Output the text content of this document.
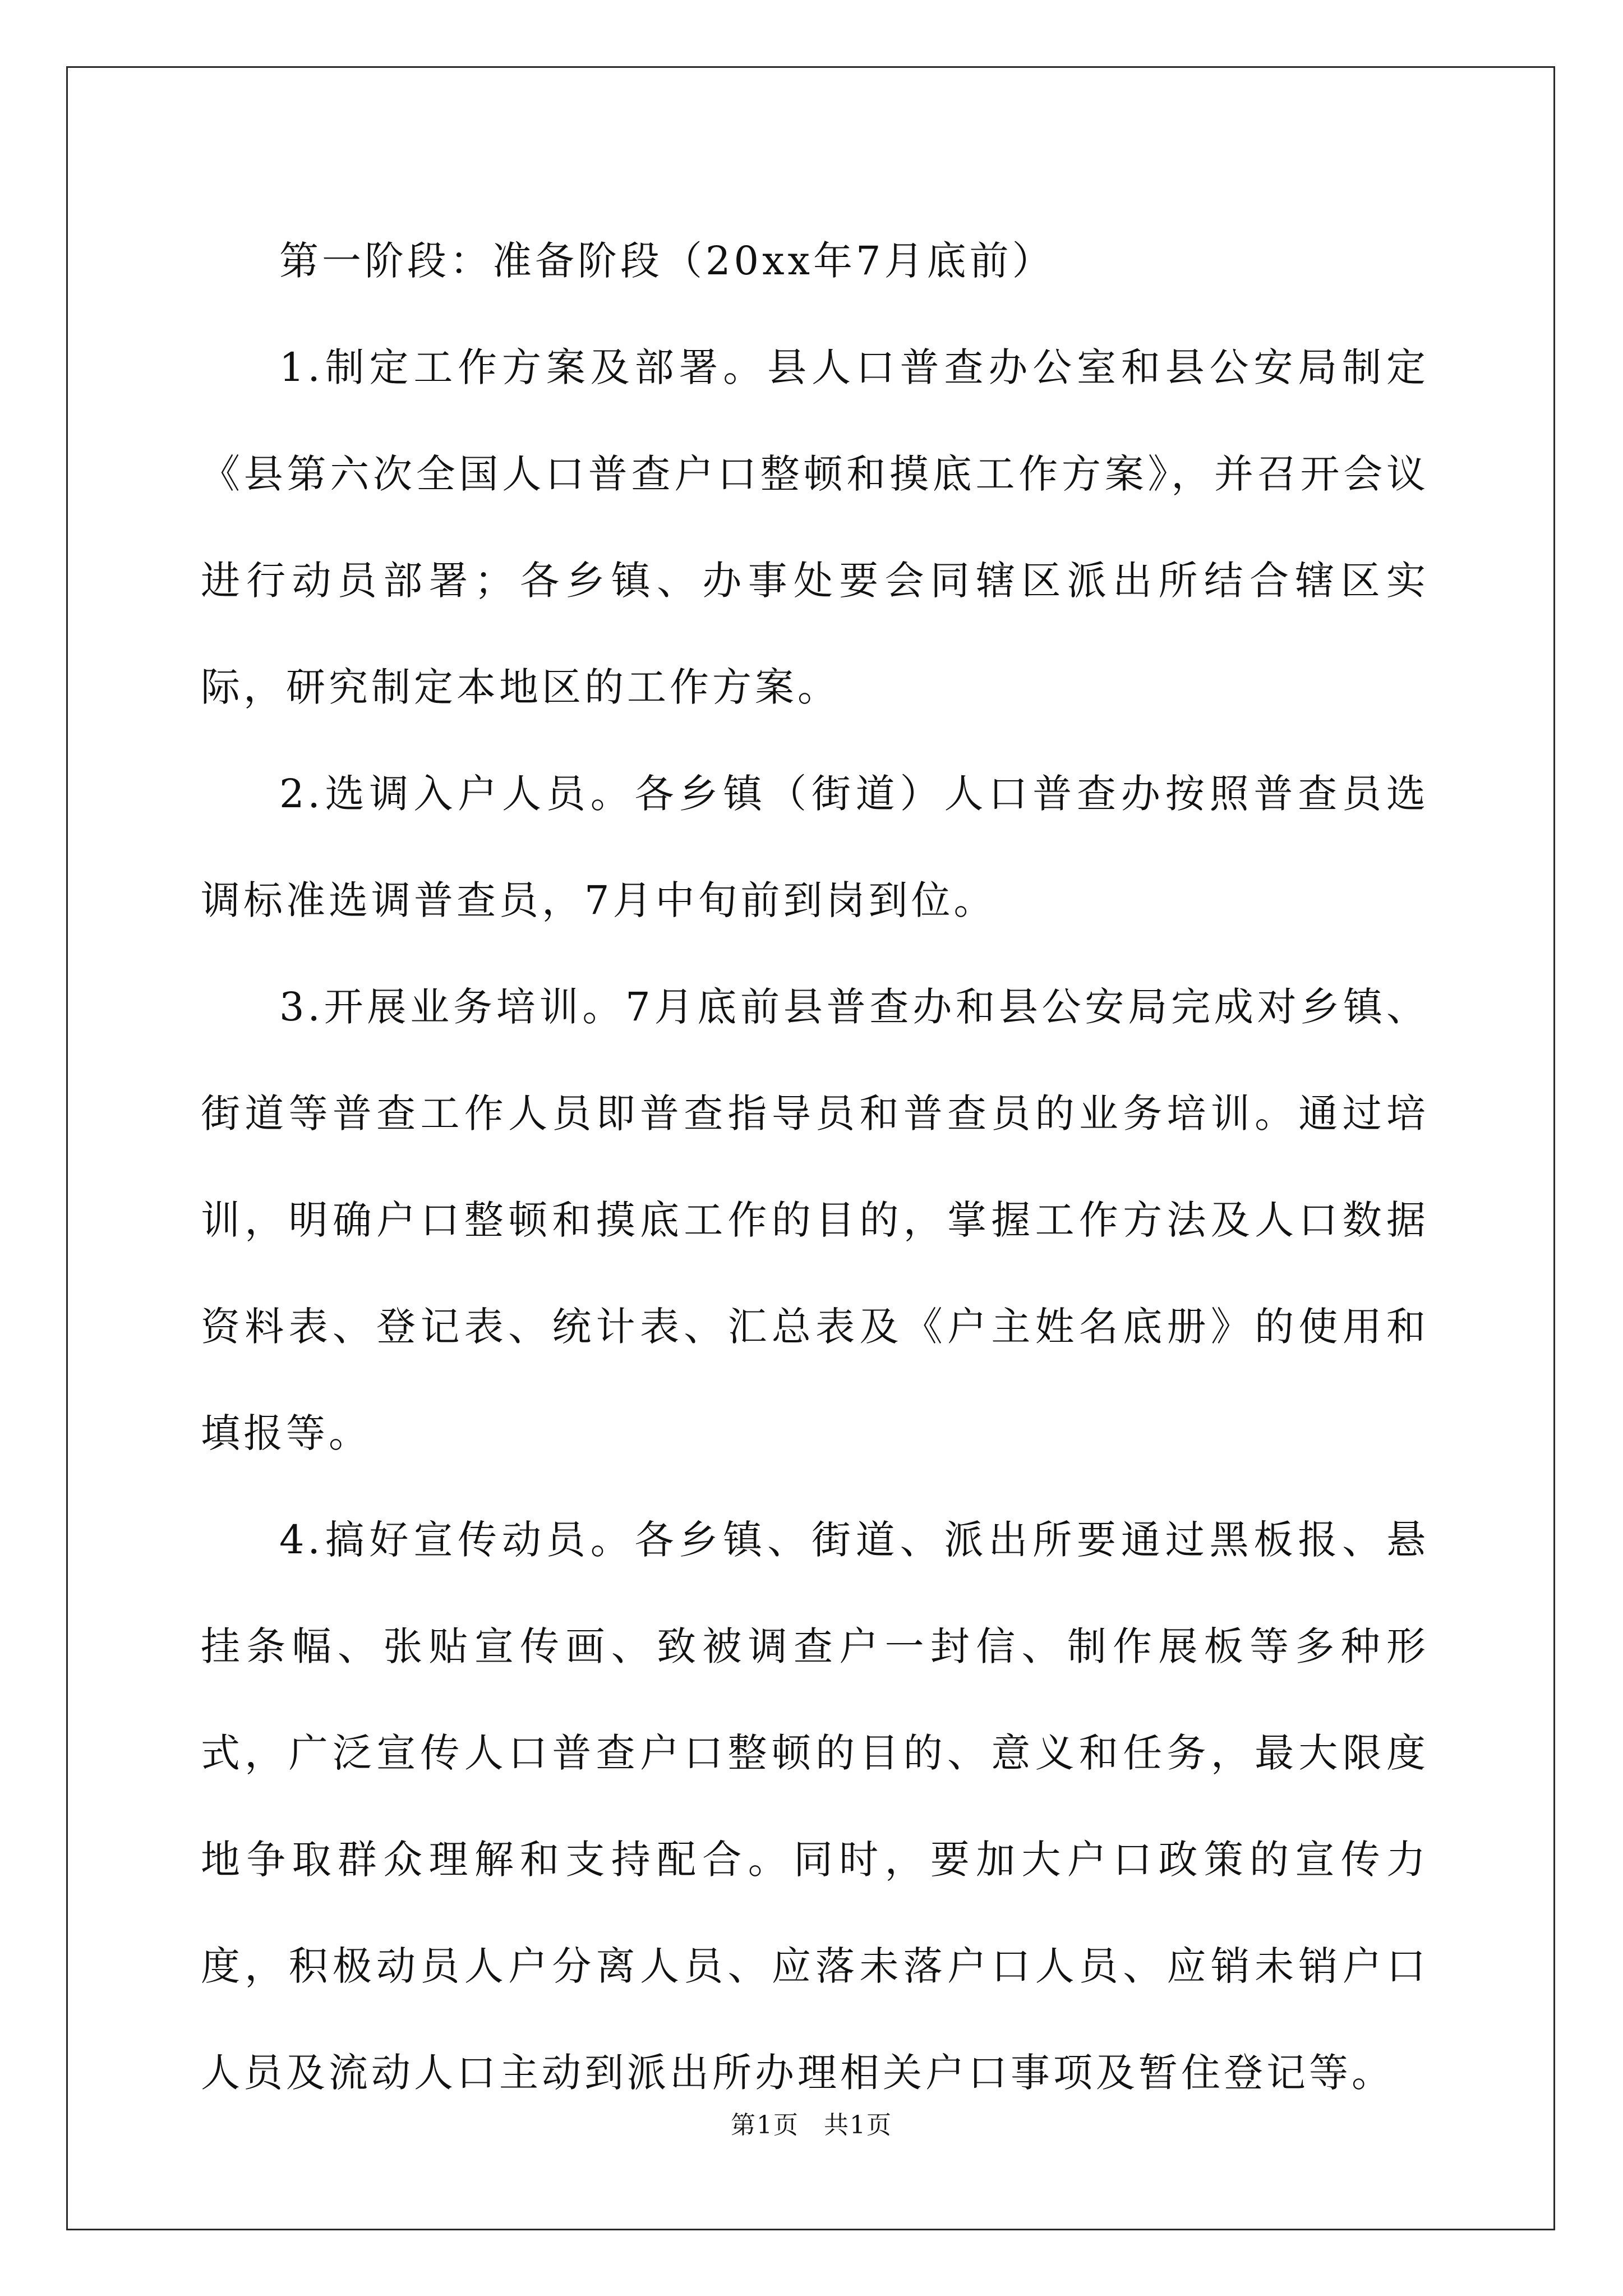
第一阶段：准备阶段（20xx年7月底前）

1.制定工作方案及部署。县人口普查办公室和县公安局制定《县第六次全国人口普查户口整顿和摸底工作方案》，并召开会议进行动员部署；各乡镇、办事处要会同辖区派出所结合辖区实际，研究制定本地区的工作方案。

2.选调入户人员。各乡镇（街道）人口普查办按照普查员选调标准选调普查员，7月中旬前到岗到位。

3.开展业务培训。7月底前县普查办和县公安局完成对乡镇、街道等普查工作人员即普查指导员和普查员的业务培训。通过培训，明确户口整顿和摸底工作的目的，掌握工作方法及人口数据资料表、登记表、统计表、汇总表及《户主姓名底册》的使用和填报等。

4.搞好宣传动员。各乡镇、街道、派出所要通过黑板报、悬挂条幅、张贴宣传画、致被调查户一封信、制作展板等多种形式，广泛宣传人口普查户口整顿的目的、意义和任务，最大限度地争取群众理解和支持配合。同时，要加大户口政策的宣传力度，积极动员人户分离人员、应落未落户口人员、应销未销户口人员及流动人口主动到派出所办理相关户口事项及暂住登记等。

第1页 共1页
